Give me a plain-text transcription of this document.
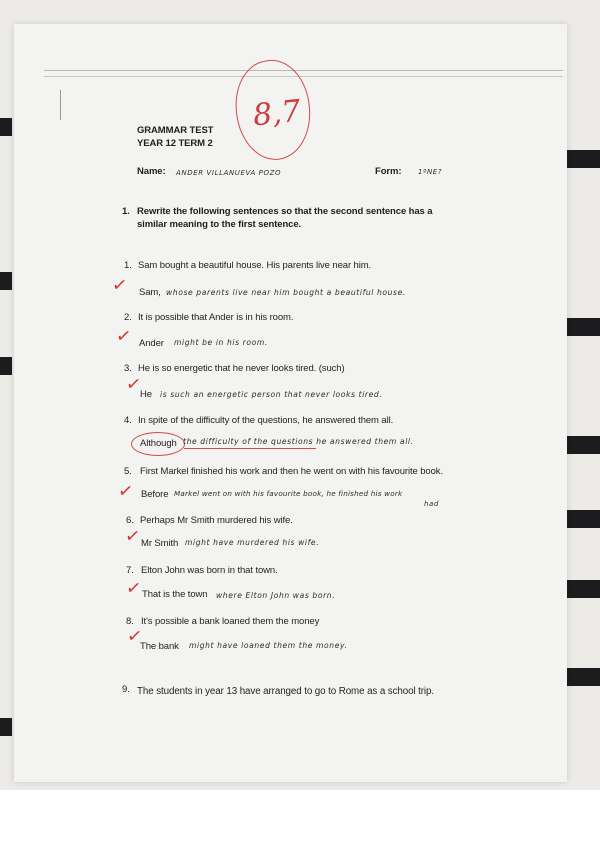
8,7
GRAMMAR TEST
YEAR 12 TERM 2
Name: ANDER VILLANUEVA POZO	Form: 1ºNE?
1. Rewrite the following sentences so that the second sentence has a
similar meaning to the first sentence.
1. Sam bought a beautiful house. His parents live near him.
✓ Sam, whose parents live near him bought a beautiful house.
2. It is possible that Ander is in his room.
✓ Ander might be in his room.
3. He is so energetic that he never looks tired. (such)
✓
He is such an energetic person that never looks tired.
4. In spite of the difficulty of the questions, he answered them all.
Although the difficulty of the questions he answered them all.
5. First Markel finished his work and then he went on with his favourite book.
✓ Before Markel went on with his favourite book, he finished his work
had
6. Perhaps Mr Smith murdered his wife.
✓ Mr Smith might have murdered his wife.
7. Elton John was born in that town.
✓ That is the town where Elton John was born.
8. It's possible a bank loaned them the money
✓
The bank might have loaned them the money.
9. The students in year 13 have arranged to go to Rome as a school trip.
